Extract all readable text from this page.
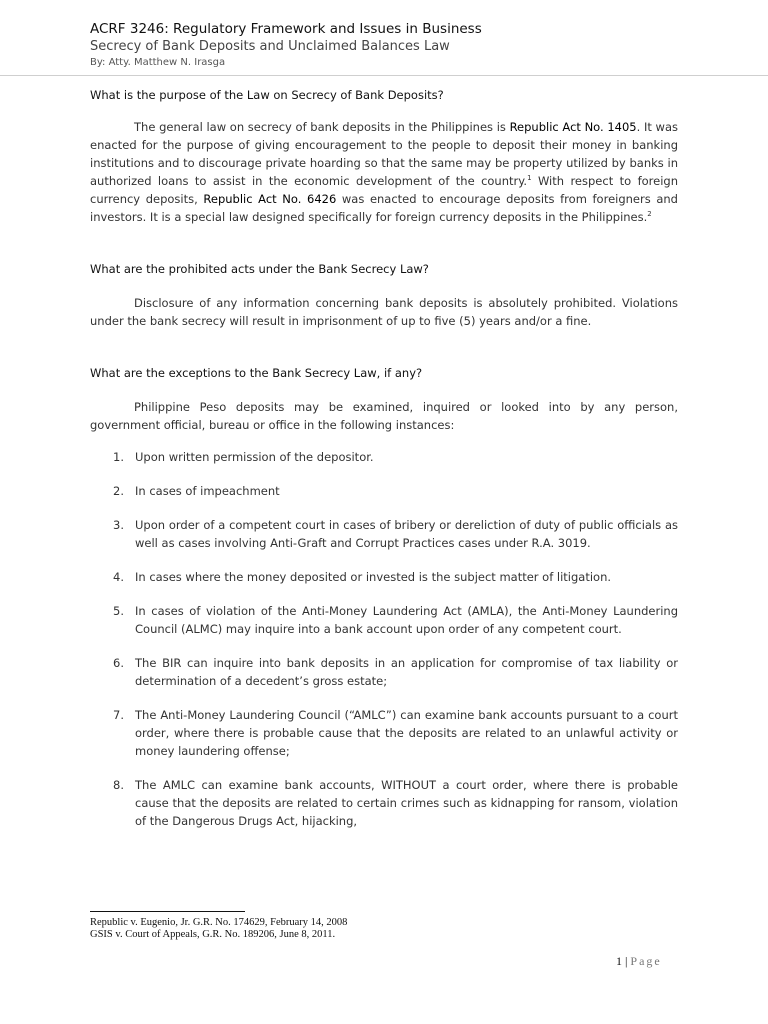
ACRF 3246: Regulatory Framework and Issues in Business
Secrecy of Bank Deposits and Unclaimed Balances Law
By: Atty. Matthew N. Irasga
What is the purpose of the Law on Secrecy of Bank Deposits?

The general law on secrecy of bank deposits in the Philippines is Republic Act No. 1405. It was enacted for the purpose of giving encouragement to the people to deposit their money in banking institutions and to discourage private hoarding so that the same may be property utilized by banks in authorized loans to assist in the economic development of the country.$^1$ With respect to foreign currency deposits, Republic Act No. 6426 was enacted to encourage deposits from foreigners and investors. It is a special law designed specifically for foreign currency deposits in the Philippines.$^2$

What are the prohibited acts under the Bank Secrecy Law?

Disclosure of any information concerning bank deposits is absolutely prohibited. Violations under the bank secrecy will result in imprisonment of up to five (5) years and/or a fine.

What are the exceptions to the Bank Secrecy Law, if any?

Philippine Peso deposits may be examined, inquired or looked into by any person, government official, bureau or office in the following instances:

1. Upon written permission of the depositor.
2. In cases of impeachment
3. Upon order of a competent court in cases of bribery or dereliction of duty of public officials as well as cases involving Anti-Graft and Corrupt Practices cases under R.A. 3019.
4. In cases where the money deposited or invested is the subject matter of litigation.
5. In cases of violation of the Anti-Money Laundering Act (AMLA), the Anti-Money Laundering Council (ALMC) may inquire into a bank account upon order of any competent court.
6. The BIR can inquire into bank deposits in an application for compromise of tax liability or determination of a decedent’s gross estate;
7. The Anti-Money Laundering Council (“AMLC”) can examine bank accounts pursuant to a court order, where there is probable cause that the deposits are related to an unlawful activity or money laundering offense;
8. The AMLC can examine bank accounts, WITHOUT a court order, where there is probable cause that the deposits are related to certain crimes such as kidnapping for ransom, violation of the Dangerous Drugs Act, hijacking,
Republic v. Eugenio, Jr. G.R. No. 174629, February 14, 2008
GSIS v. Court of Appeals, G.R. No. 189206, June 8, 2011.
1 | Page
